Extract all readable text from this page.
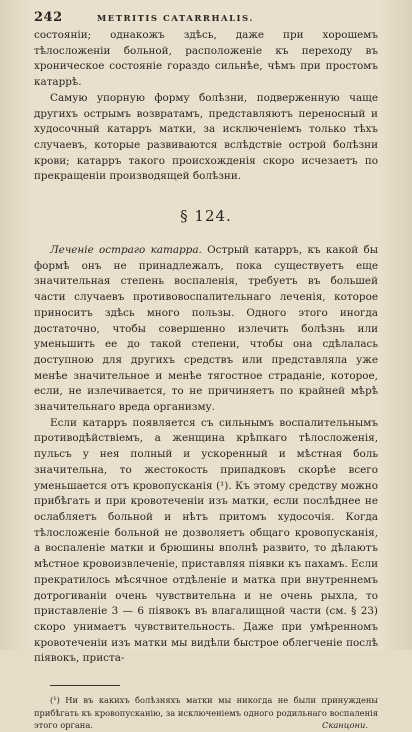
242	METRITIS CATARRHALIS.

состояніи; однакожъ здѣсь, даже при хорошемъ тѣлосложеніи больной, расположеніе къ переходу въ хроническое состояніе гораздо сильнѣе, чѣмъ при простомъ катаррѣ.

Самую упорную форму болѣзни, подверженную чаще другихъ острымъ возвратамъ, представляютъ переносный и худосочный катарръ матки, за исключеніемъ только тѣхъ случаевъ, которые развиваются вслѣдствіе острой болѣзни крови; катарръ такого происхожденія скоро исчезаетъ по прекращеніи производящей болѣзни.

§ 124.

Леченіе остраго катарра. Острый катарръ, къ какой бы формѣ онъ не принадлежалъ, пока существуетъ еще значительная степень воспаленія, требуетъ въ большей части случаевъ противовоспалительнаго леченія, которое приноситъ здѣсь много пользы. Одного этого иногда достаточно, чтобы совершенно излечить болѣзнь или уменьшить ее до такой степени, чтобы она сдѣлалась доступною для другихъ средствъ или представляла уже менѣе значительное и менѣе тягостное страданіе, которое, если, не излечивается, то не причиняетъ по крайней мѣрѣ значительнаго вреда организму.

Если катарръ появляется съ сильнымъ воспалительнымъ противодѣйствіемъ, а женщина крѣпкаго тѣлосложенія, пульсъ у нея полный и ускоренный и мѣстная боль значительна, то жестокость припадковъ скорѣе всего уменьшается отъ кровопусканія (¹). Къ этому средству можно прибѣгать и при кровотеченіи изъ матки, если послѣднее не ослабляетъ больной и нѣтъ притомъ худосочія. Когда тѣлосложеніе больной не дозволяетъ общаго кровопусканія, а воспаленіе матки и брюшины вполнѣ развито, то дѣлаютъ мѣстное кровоизвлеченіе, приставляя піявки къ пахамъ. Если прекратилось мѣсячное отдѣленіе и матка при внутреннемъ дотрогиваніи очень чувствительна и не очень рыхла, то приставленіе 3 — 6 піявокъ въ влагалищной части (см. § 23) скоро унимаетъ чувствительность. Даже при умѣренномъ кровотеченіи изъ матки мы видѣли быстрое облегченіе послѣ піявокъ, приста-

(¹) Ни въ какихъ болѣзняхъ матки мы никогда не были принуждены прибѣгать къ кровопусканію, за исключеніемъ одного родильнаго воспаленія этого органа.	Сканцони.
